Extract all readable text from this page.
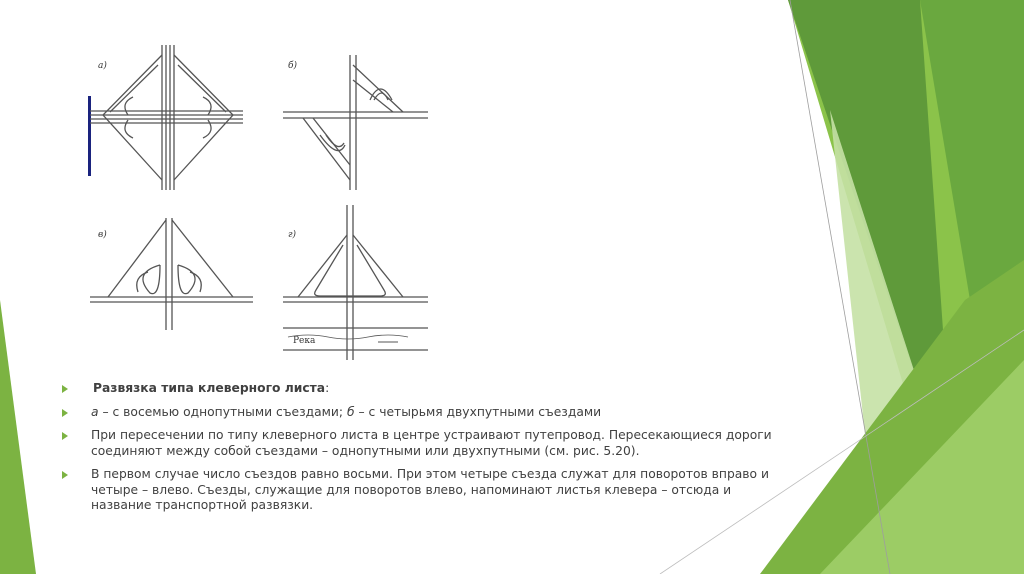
а)	б)
в)	г)
Река
Развязка типа клеверного листа:
а – с восемью однопутными съездами; б – с четырьмя двухпутными съездами
При пересечении по типу клеверного листа в центре устраивают путепровод. Пересекающиеся дороги соединяют между собой съездами – однопутными или двухпутными (см. рис. 5.20).
В первом случае число съездов равно восьми. При этом четыре съезда служат для поворотов вправо и четыре – влево. Съезды, служащие для поворотов влево, напоминают листья клевера – отсюда и название транспортной развязки.
